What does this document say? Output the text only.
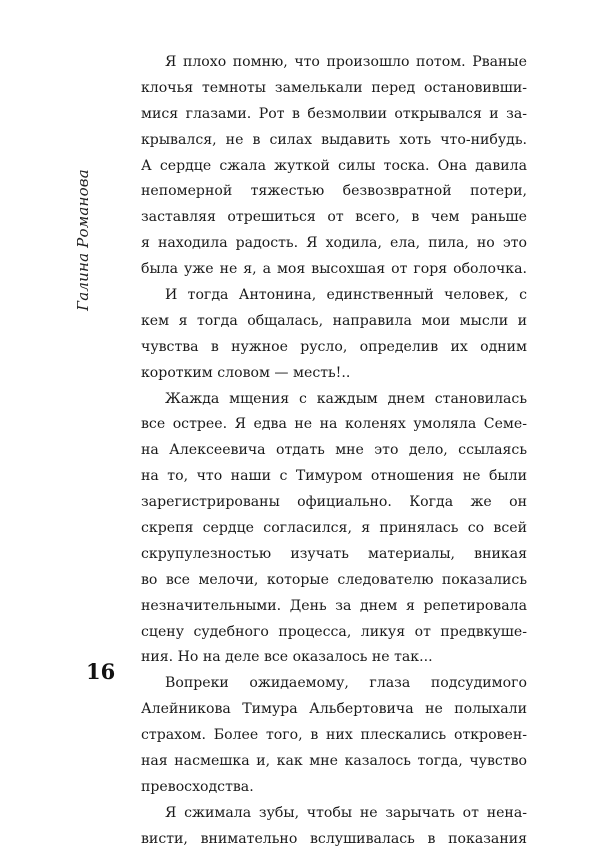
Галина Романова
16
Я плохо помню, что произошло потом. Рваные
клочья темноты замелькали перед остановивши-
мися глазами. Рот в безмолвии открывался и за-
крывался, не в силах выдавить хоть что-нибудь.
А сердце сжала жуткой силы тоска. Она давила
непомерной тяжестью безвозвратной потери,
заставляя отрешиться от всего, в чем раньше
я находила радость. Я ходила, ела, пила, но это
была уже не я, а моя высохшая от горя оболочка.
И тогда Антонина, единственный человек, с
кем я тогда общалась, направила мои мысли и
чувства в нужное русло, определив их одним
коротким словом — месть!..
Жажда мщения с каждым днем становилась
все острее. Я едва не на коленях умоляла Семе-
на Алексеевича отдать мне это дело, ссылаясь
на то, что наши с Тимуром отношения не были
зарегистрированы официально. Когда же он
скрепя сердце согласился, я принялась со всей
скрупулезностью изучать материалы, вникая
во все мелочи, которые следователю показались
незначительными. День за днем я репетировала
сцену судебного процесса, ликуя от предвкуше-
ния. Но на деле все оказалось не так...
Вопреки ожидаемому, глаза подсудимого
Алейникова Тимура Альбертовича не полыхали
страхом. Более того, в них плескались откровен-
ная насмешка и, как мне казалось тогда, чувство
превосходства.
Я сжимала зубы, чтобы не зарычать от нена-
висти, внимательно вслушивалась в показания
